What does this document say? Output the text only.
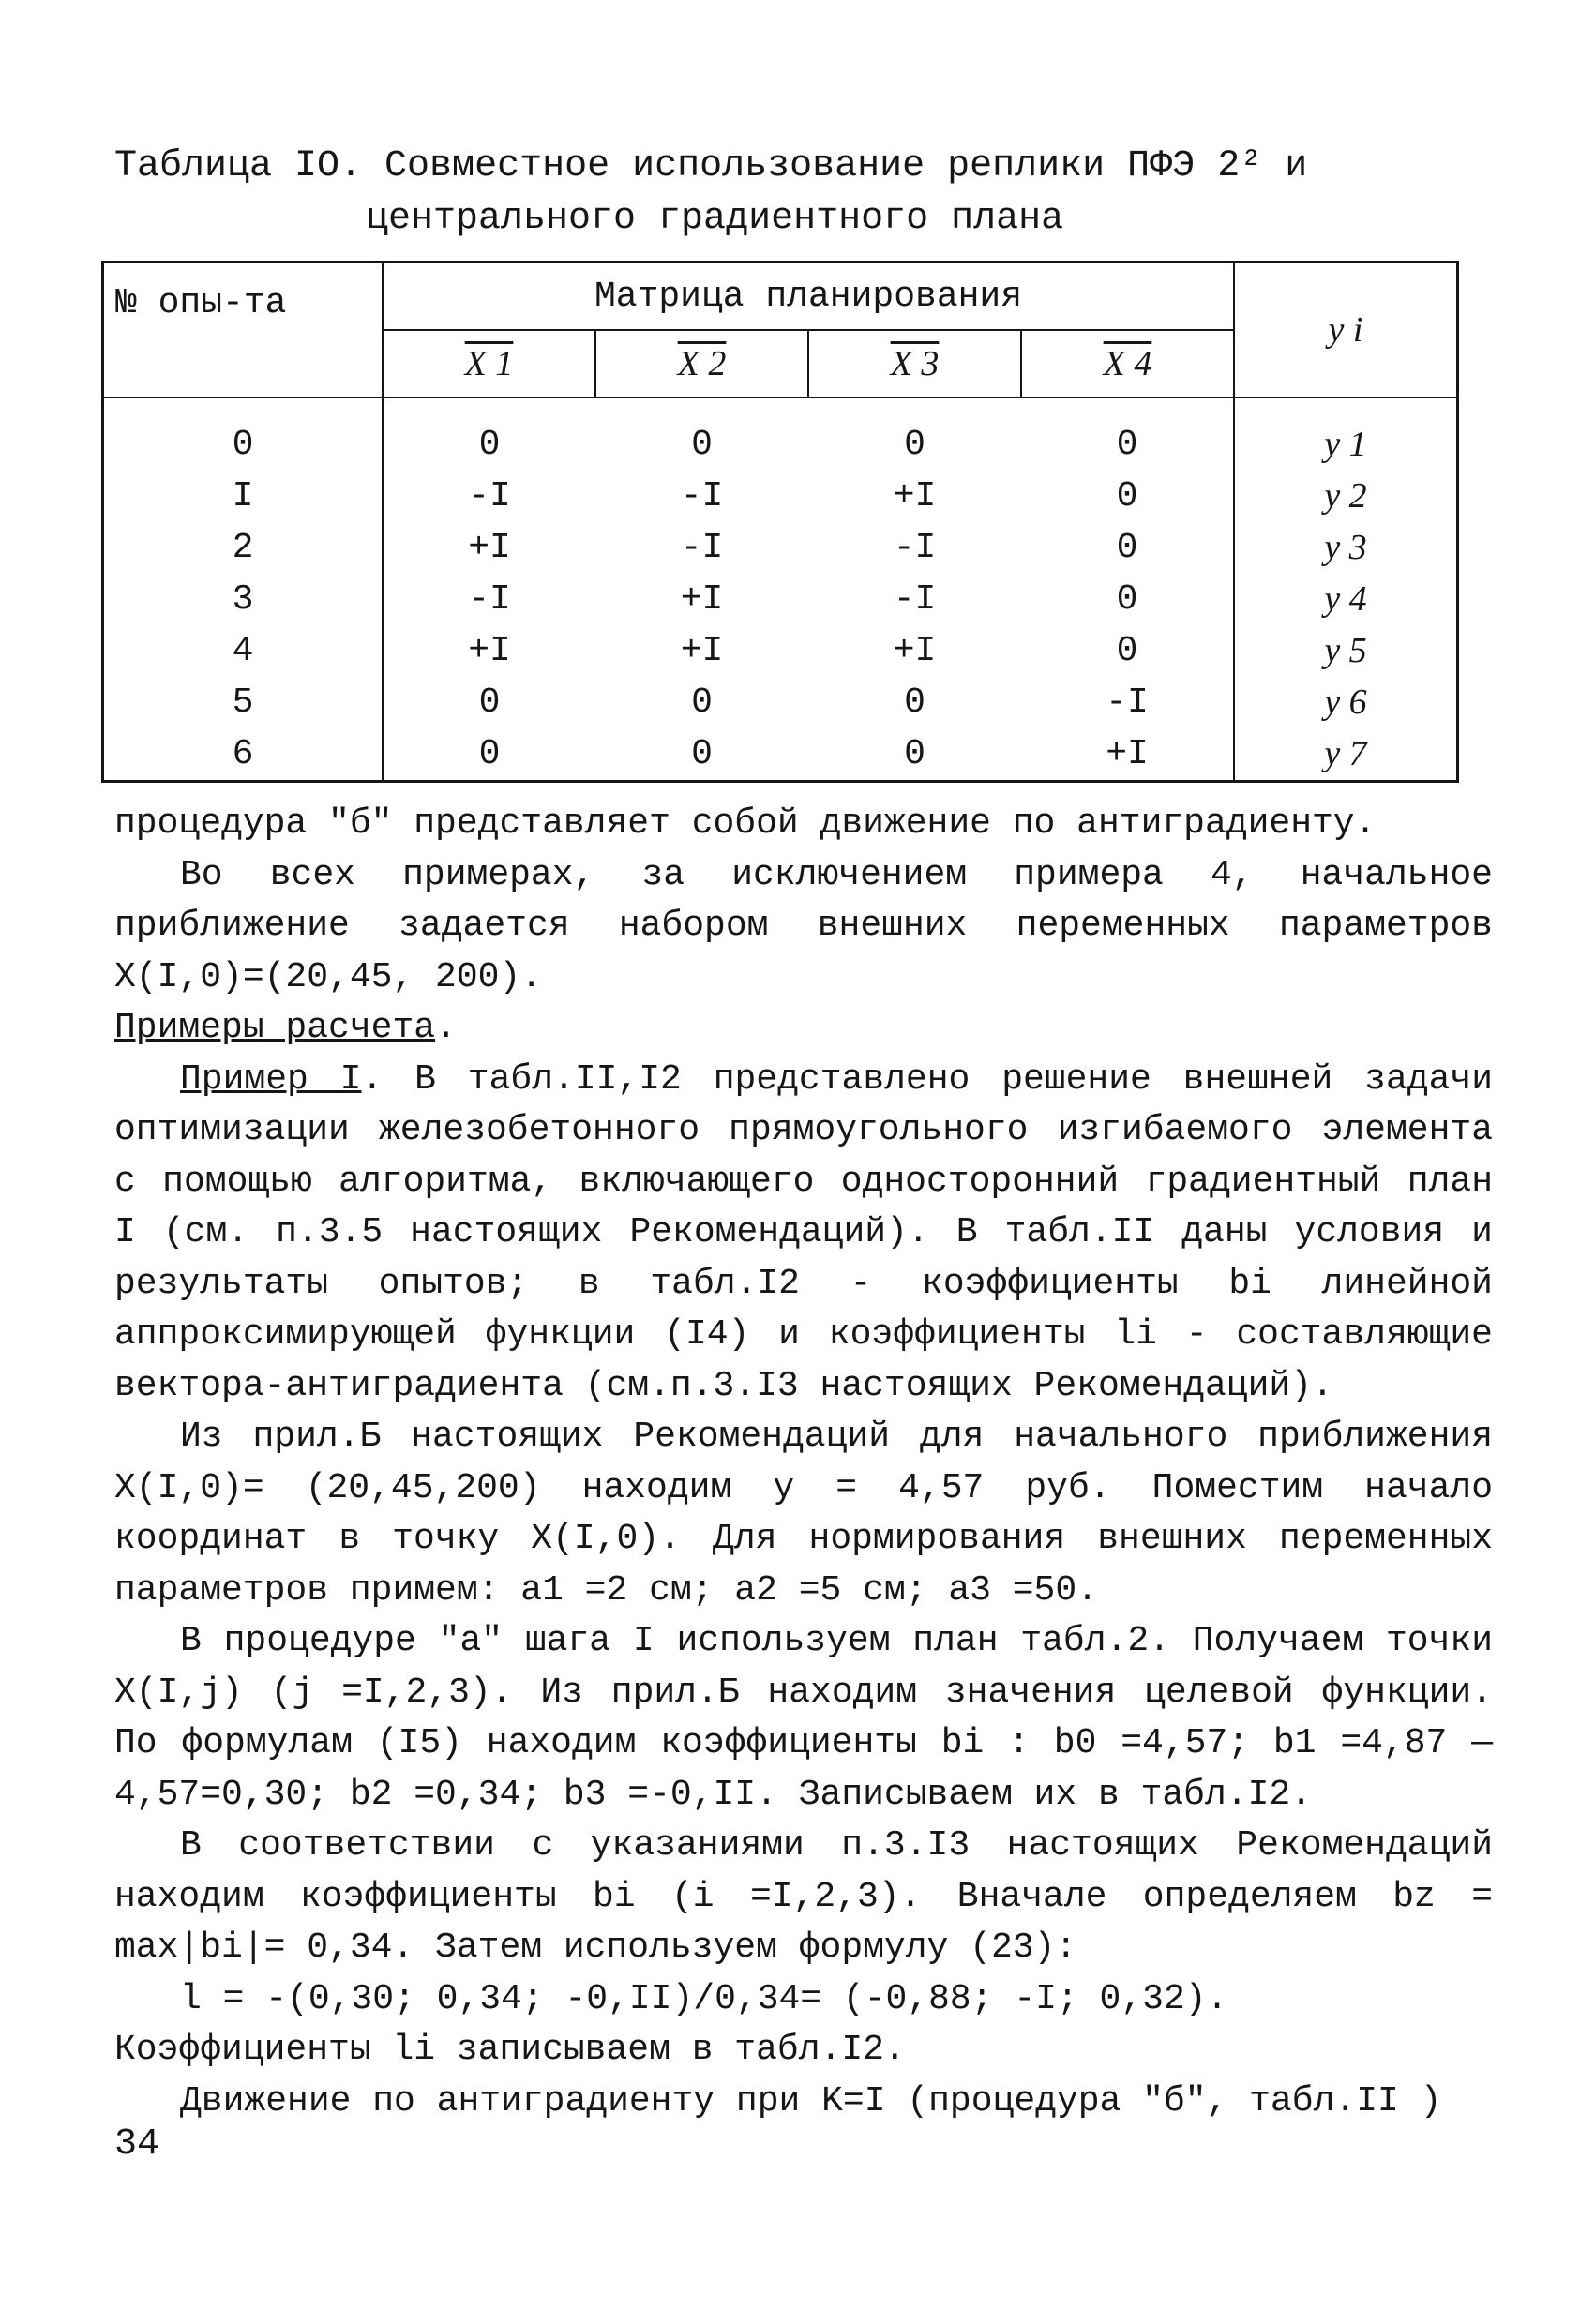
Таблица IO. Совместное использование реплики ПФЭ 2² и
центрального градиентного плана
№ опы-та	Матрица планирования				y i
	X 1	X 2	X 3	X 4	
0	0	0	0	0	y 1
I	-I	-I	+I	0	y 2
2	+I	-I	-I	0	y 3
3	-I	+I	-I	0	y 4
4	+I	+I	+I	0	y 5
5	0	0	0	-I	y 6
6	0	0	0	+I	y 7

процедура "б" представляет собой движение по антиградиенту.

Во всех примерах, за исключением примера 4, начальное приближение задается набором внешних переменных параметров X(I,0)=(20,45, 200).

Примеры расчета.

Пример I. В табл.II,I2 представлено решение внешней задачи оптимизации железобетонного прямоугольного изгибаемого элемента с помощью алгоритма, включающего односторонний градиентный план I (см. п.3.5 настоящих Рекомендаций). В табл.II даны условия и результаты опытов; в табл.I2 - коэффициенты bi линейной аппроксимирующей функции (I4) и коэффициенты li - составляющие вектора-антиградиента (см.п.3.I3 настоящих Рекомендаций).

Из прил.Б настоящих Рекомендаций для начального приближения X(I,0)= (20,45,200) находим y = 4,57 руб. Поместим начало координат в точку X(I,0). Для нормирования внешних переменных параметров примем: a1 =2 см; a2 =5 см; a3 =50.

В процедуре "а" шага I используем план табл.2. Получаем точки X(I,j) (j =I,2,3). Из прил.Б находим значения целевой функции. По формулам (I5) находим коэффициенты bi : b0 =4,57; b1 =4,87 — 4,57=0,30; b2 =0,34; b3 =-0,II. Записываем их в табл.I2.

В соответствии с указаниями п.3.I3 настоящих Рекомендаций находим коэффициенты bi (i =I,2,3). Вначале определяем bz = max|bi|= 0,34. Затем используем формулу (23):

l = -(0,30; 0,34; -0,II)/0,34= (-0,88; -I; 0,32).

Коэффициенты li записываем в табл.I2.

Движение по антиградиенту при K=I (процедура "б", табл.II )

34
